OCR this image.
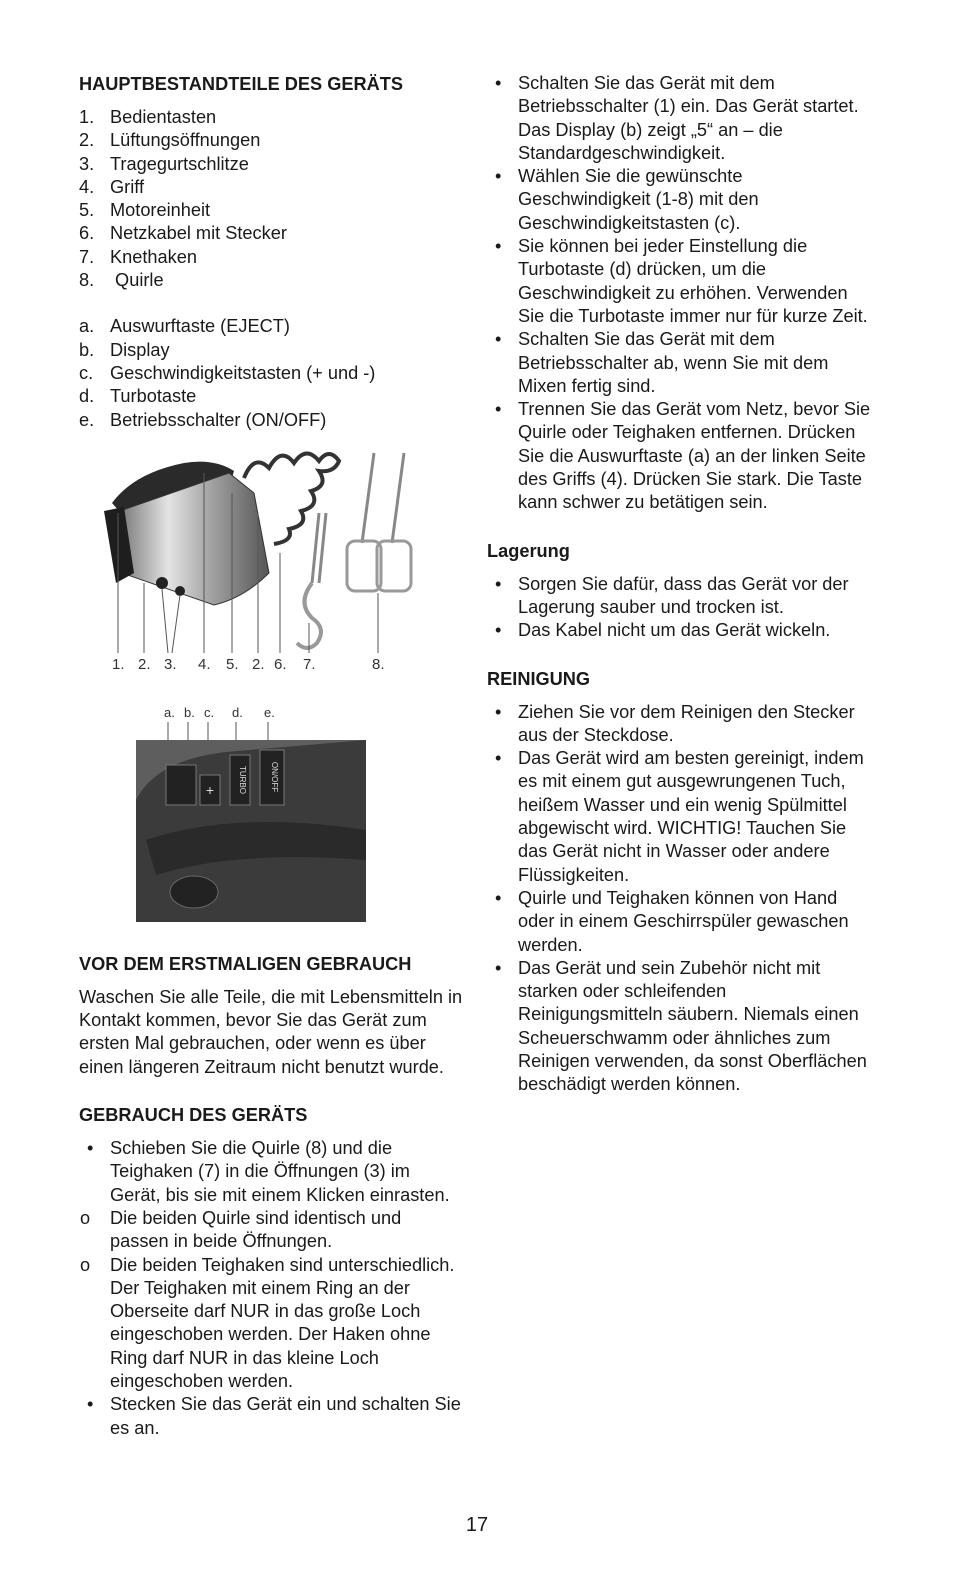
HAUPTBESTANDTEILE DES GERÄTS
1. Bedientasten
2. Lüftungsöffnungen
3. Tragegurtschlitze
4. Griff
5. Motoreinheit
6. Netzkabel mit Stecker
7. Knethaken
8. Quirle
a. Auswurftaste (EJECT)
b. Display
c. Geschwindigkeitstasten (+ und -)
d. Turbotaste
e. Betriebsschalter (ON/OFF)
VOR DEM ERSTMALIGEN GEBRAUCH

Waschen Sie alle Teile, die mit Lebensmitteln in Kontakt kommen, bevor Sie das Gerät zum ersten Mal gebrauchen, oder wenn es über einen längeren Zeitraum nicht benutzt wurde.

GEBRAUCH DES GERÄTS
• Schieben Sie die Quirle (8) und die Teighaken (7) in die Öffnungen (3) im Gerät, bis sie mit einem Klicken einrasten.
o Die beiden Quirle sind identisch und passen in beide Öffnungen.
o Die beiden Teighaken sind unterschiedlich. Der Teighaken mit einem Ring an der Oberseite darf NUR in das große Loch eingeschoben werden. Der Haken ohne Ring darf NUR in das kleine Loch eingeschoben werden.
• Stecken Sie das Gerät ein und schalten Sie es an.
1. 2. 3. 4. 5. 2. 6. 7.	8.
a. b. c. d. e.
+	TURBO	ON/OFF
• Schalten Sie das Gerät mit dem Betriebsschalter (1) ein. Das Gerät startet. Das Display (b) zeigt „5“ an – die Standardgeschwindigkeit.
• Wählen Sie die gewünschte Geschwindigkeit (1-8) mit den Geschwindigkeitstasten (c).
• Sie können bei jeder Einstellung die Turbotaste (d) drücken, um die Geschwindigkeit zu erhöhen. Verwenden Sie die Turbotaste immer nur für kurze Zeit.
• Schalten Sie das Gerät mit dem Betriebsschalter ab, wenn Sie mit dem Mixen fertig sind.
• Trennen Sie das Gerät vom Netz, bevor Sie Quirle oder Teighaken entfernen. Drücken Sie die Auswurftaste (a) an der linken Seite des Griffs (4). Drücken Sie stark. Die Taste kann schwer zu betätigen sein.
Lagerung
• Sorgen Sie dafür, dass das Gerät vor der Lagerung sauber und trocken ist.
• Das Kabel nicht um das Gerät wickeln.
REINIGUNG
• Ziehen Sie vor dem Reinigen den Stecker aus der Steckdose.
• Das Gerät wird am besten gereinigt, indem es mit einem gut ausgewrungenen Tuch, heißem Wasser und ein wenig Spülmittel abgewischt wird. WICHTIG! Tauchen Sie das Gerät nicht in Wasser oder andere Flüssigkeiten.
• Quirle und Teighaken können von Hand oder in einem Geschirrspüler gewaschen werden.
• Das Gerät und sein Zubehör nicht mit starken oder schleifenden Reinigungsmitteln säubern. Niemals einen Scheuerschwamm oder ähnliches zum Reinigen verwenden, da sonst Oberflächen beschädigt werden können.
17
